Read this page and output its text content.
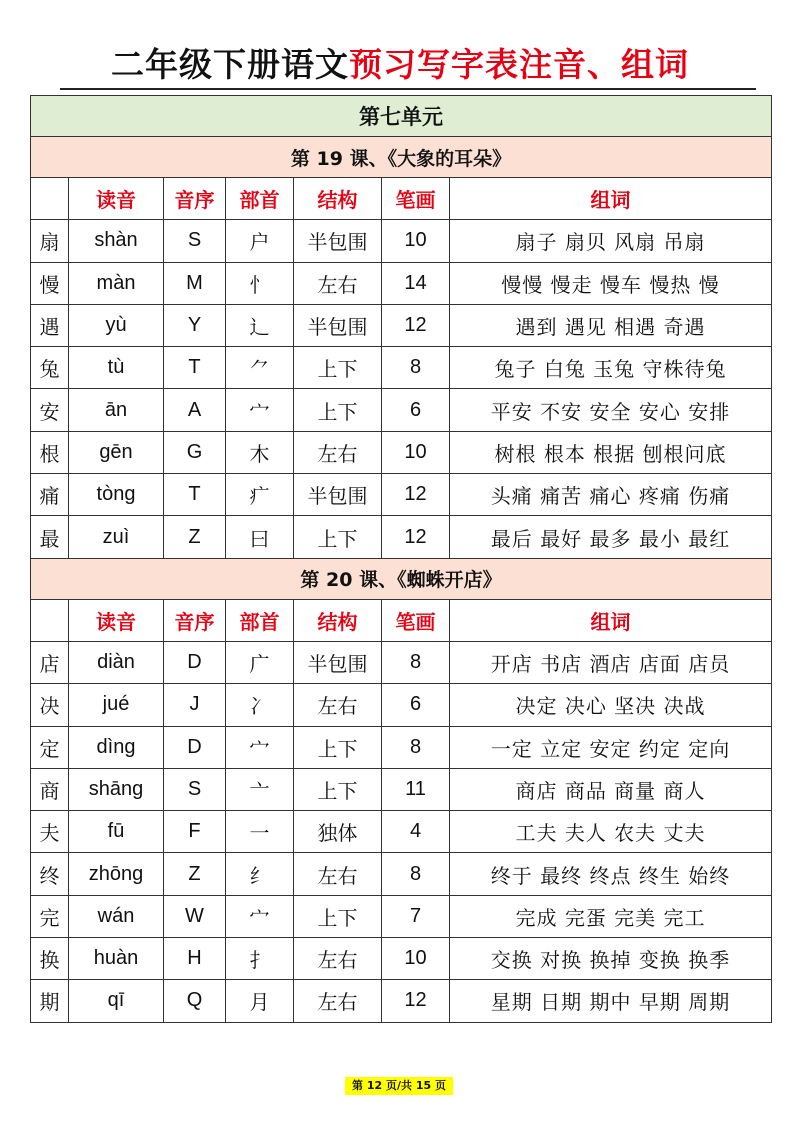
二年级下册语文预习写字表注音、组词
第七单元						
第 19 课、《大象的耳朵》						
	读音	音序	部首	结构	笔画	组词
扇	shàn	S	户	半包围	10	扇子 扇贝 风扇 吊扇
慢	màn	M	忄	左右	14	慢慢 慢走 慢车 慢热 慢
遇	yù	Y	辶	半包围	12	遇到 遇见 相遇 奇遇
兔	tù	T	⺈	上下	8	兔子 白兔 玉兔 守株待兔
安	ān	A	宀	上下	6	平安 不安 安全 安心 安排
根	gēn	G	木	左右	10	树根 根本 根据 刨根问底
痛	tòng	T	疒	半包围	12	头痛 痛苦 痛心 疼痛 伤痛
最	zuì	Z	曰	上下	12	最后 最好 最多 最小 最红
第 20 课、《蜘蛛开店》						
	读音	音序	部首	结构	笔画	组词
店	diàn	D	广	半包围	8	开店 书店 酒店 店面 店员
决	jué	J	冫	左右	6	决定 决心 坚决 决战
定	dìng	D	宀	上下	8	一定 立定 安定 约定 定向
商	shāng	S	亠	上下	11	商店 商品 商量 商人
夫	fū	F	一	独体	4	工夫 夫人 农夫 丈夫
终	zhōng	Z	纟	左右	8	终于 最终 终点 终生 始终
完	wán	W	宀	上下	7	完成 完蛋 完美 完工
换	huàn	H	扌	左右	10	交换 对换 换掉 变换 换季
期	qī	Q	月	左右	12	星期 日期 期中 早期 周期
第 12 页/共 15 页
